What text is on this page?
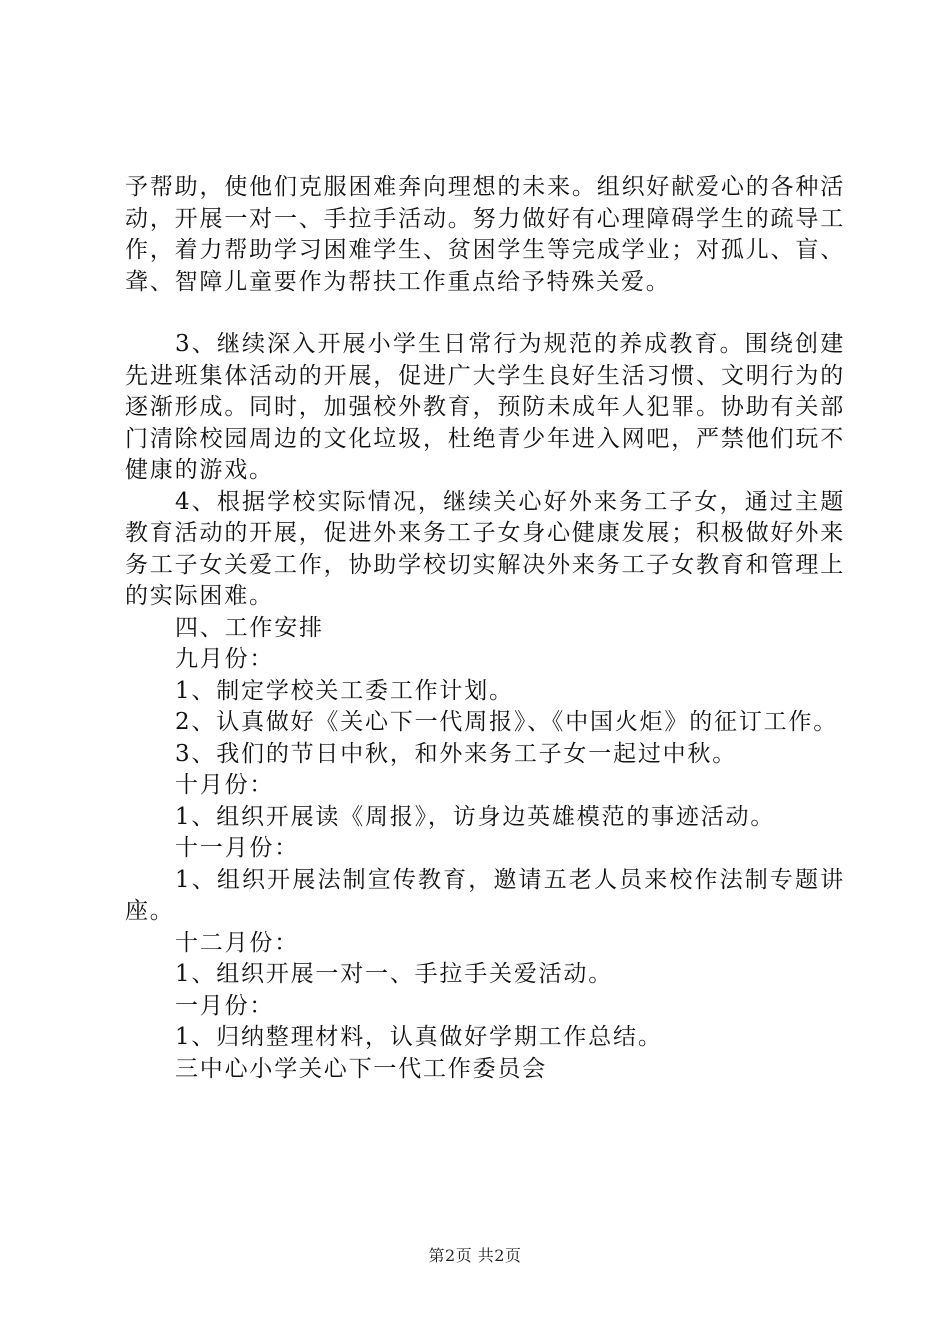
予帮助，使他们克服困难奔向理想的未来。组织好献爱心的各种活动，开展一对一、手拉手活动。努力做好有心理障碍学生的疏导工作，着力帮助学习困难学生、贫困学生等完成学业；对孤儿、盲、聋、智障儿童要作为帮扶工作重点给予特殊关爱。

3、继续深入开展小学生日常行为规范的养成教育。围绕创建先进班集体活动的开展，促进广大学生良好生活习惯、文明行为的逐渐形成。同时，加强校外教育，预防未成年人犯罪。协助有关部门清除校园周边的文化垃圾，杜绝青少年进入网吧，严禁他们玩不健康的游戏。

4、根据学校实际情况，继续关心好外来务工子女，通过主题教育活动的开展，促进外来务工子女身心健康发展；积极做好外来务工子女关爱工作，协助学校切实解决外来务工子女教育和管理上的实际困难。

四、工作安排

九月份：

1、制定学校关工委工作计划。

2、认真做好《关心下一代周报》、《中国火炬》的征订工作。

3、我们的节日中秋，和外来务工子女一起过中秋。

十月份：

1、组织开展读《周报》，访身边英雄模范的事迹活动。

十一月份：

1、组织开展法制宣传教育，邀请五老人员来校作法制专题讲座。

十二月份：

1、组织开展一对一、手拉手关爱活动。

一月份：

1、归纳整理材料，认真做好学期工作总结。

三中心小学关心下一代工作委员会

第2页 共2页
